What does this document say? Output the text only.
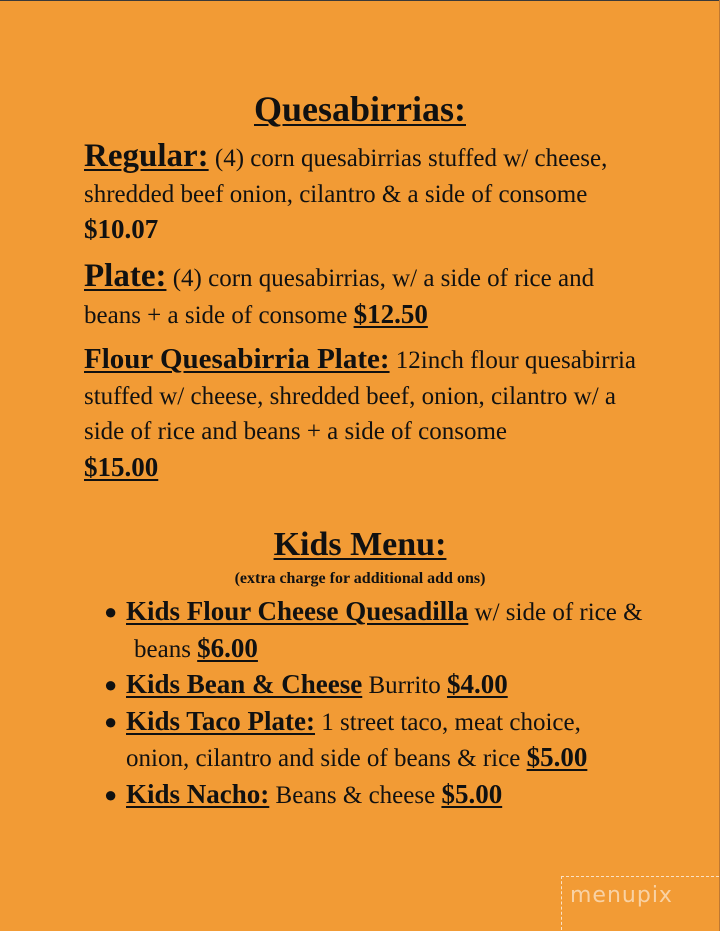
Quesabirrias:
Regular: (4) corn quesabirrias stuffed w/ cheese, shredded beef onion, cilantro & a side of consome $10.07
Plate: (4) corn quesabirrias, w/ a side of rice and beans + a side of consome $12.50
Flour Quesabirria Plate: 12inch flour quesabirria stuffed w/ cheese, shredded beef, onion, cilantro w/ a side of rice and beans + a side of consome
$15.00
Kids Menu:
(extra charge for additional add ons)
● Kids Flour Cheese Quesadilla w/ side of rice & beans $6.00
● Kids Bean & Cheese Burrito $4.00
● Kids Taco Plate: 1 street taco, meat choice, onion, cilantro and side of beans & rice $5.00
● Kids Nacho: Beans & cheese $5.00
menupix
